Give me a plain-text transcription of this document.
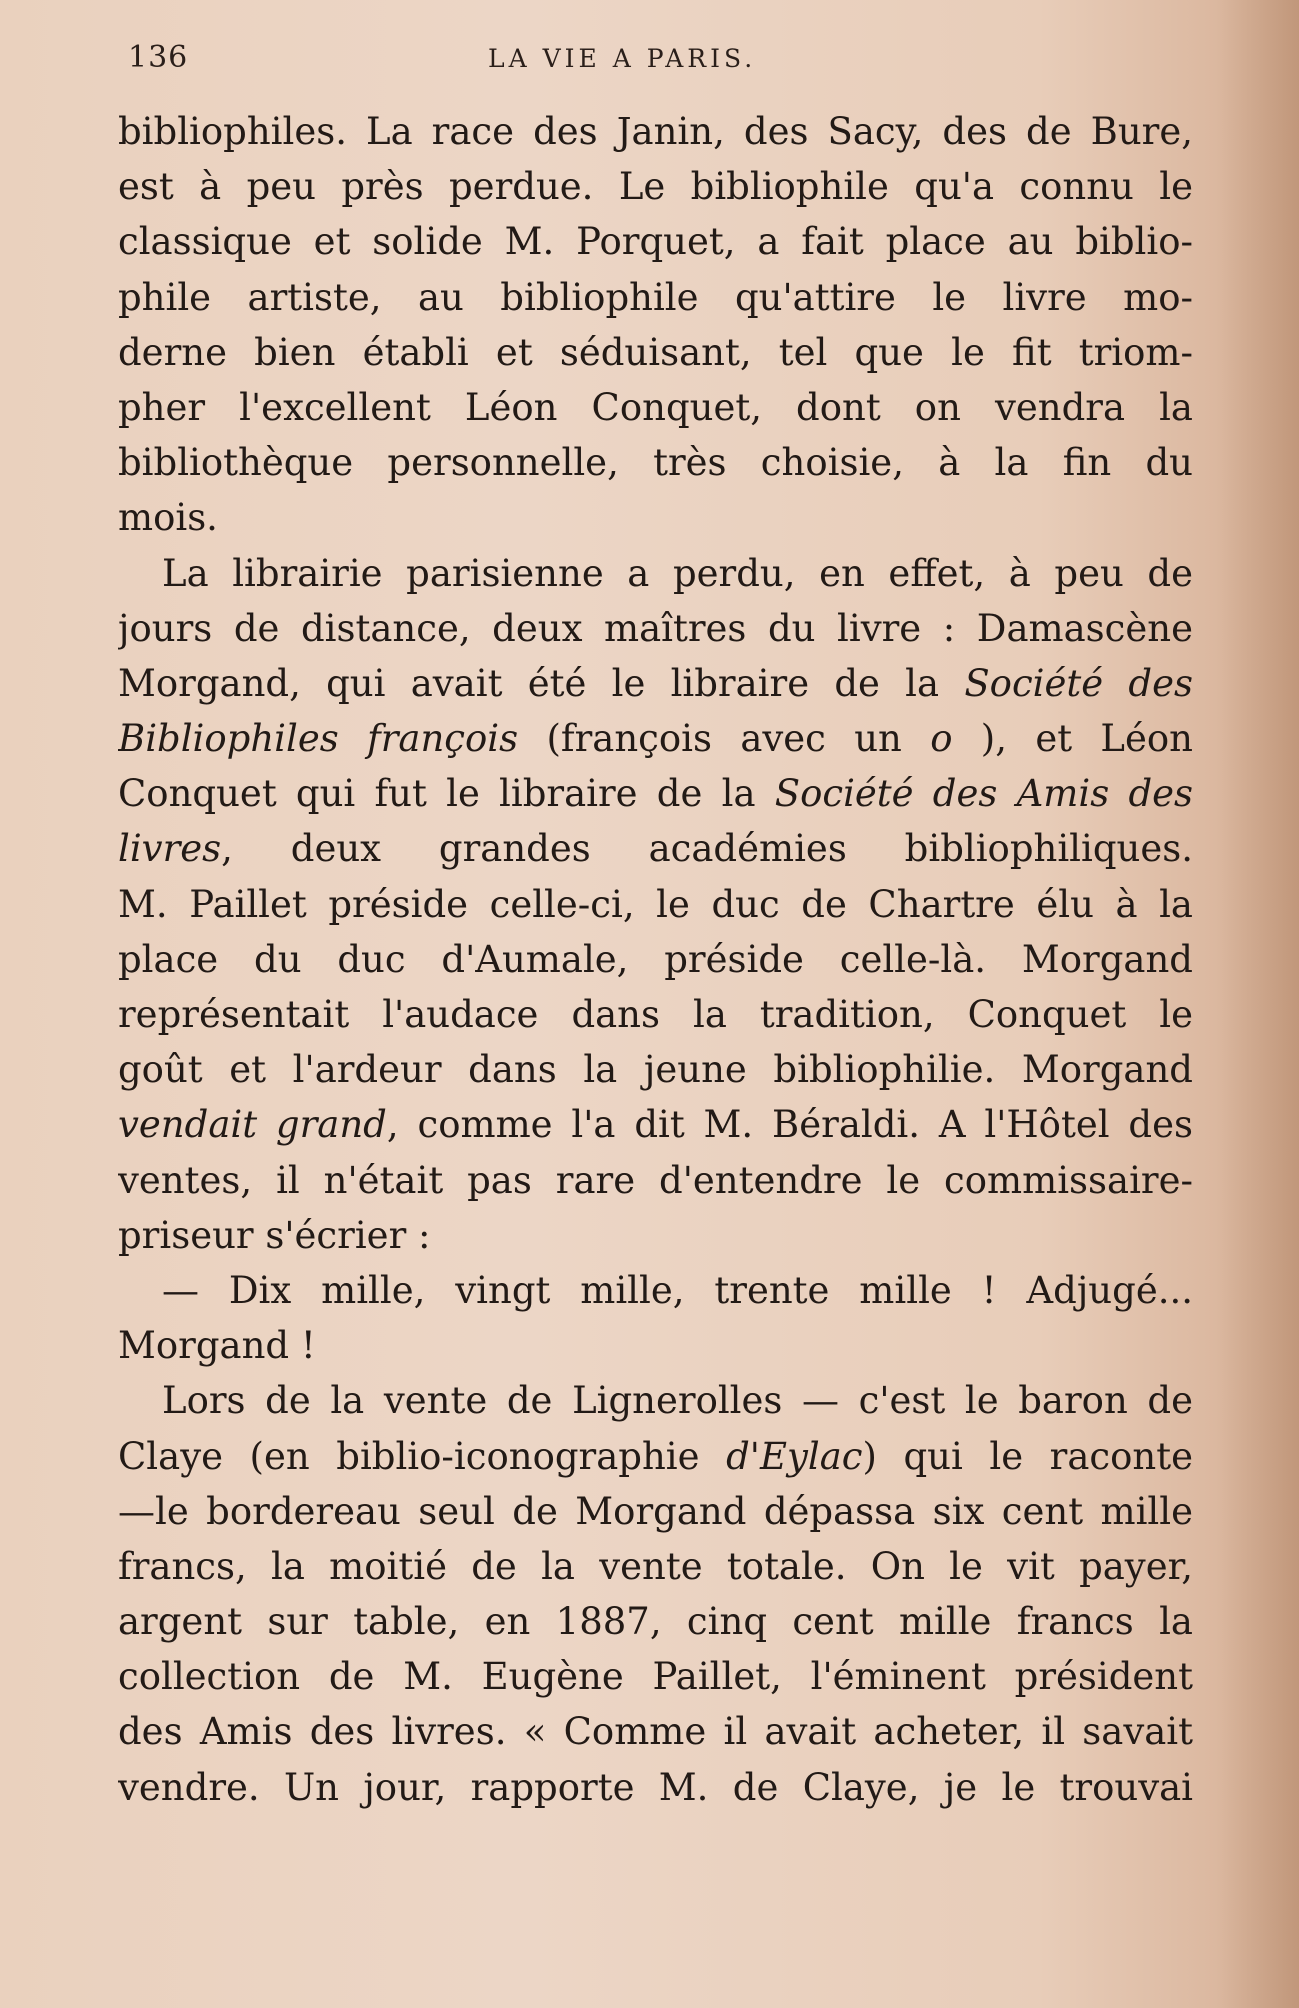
136	LA VIE A PARIS.
bibliophiles. La race des Janin, des Sacy, des de Bure,
est à peu près perdue. Le bibliophile qu'a connu le
classique et solide M. Porquet, a fait place au biblio-
phile artiste, au bibliophile qu'attire le livre mo-
derne bien établi et séduisant, tel que le fit triom-
pher l'excellent Léon Conquet, dont on vendra la
bibliothèque personnelle, très choisie, à la fin du
mois.
La librairie parisienne a perdu, en effet, à peu de
jours de distance, deux maîtres du livre : Damascène
Morgand, qui avait été le libraire de la Société des
Bibliophiles françois (françois avec un o ), et Léon
Conquet qui fut le libraire de la Société des Amis des
livres, deux grandes académies bibliophiliques.
M. Paillet préside celle-ci, le duc de Chartre élu à la
place du duc d'Aumale, préside celle-là. Morgand
représentait l'audace dans la tradition, Conquet le
goût et l'ardeur dans la jeune bibliophilie. Morgand
vendait grand, comme l'a dit M. Béraldi. A l'Hôtel des
ventes, il n'était pas rare d'entendre le commissaire-
priseur s'écrier :
— Dix mille, vingt mille, trente mille ! Adjugé...
Morgand !
Lors de la vente de Lignerolles — c'est le baron de
Claye (en biblio-iconographie d'Eylac) qui le raconte
—le bordereau seul de Morgand dépassa six cent mille
francs, la moitié de la vente totale. On le vit payer,
argent sur table, en 1887, cinq cent mille francs la
collection de M. Eugène Paillet, l'éminent président
des Amis des livres. « Comme il avait acheter, il savait
vendre. Un jour, rapporte M. de Claye, je le trouvai
